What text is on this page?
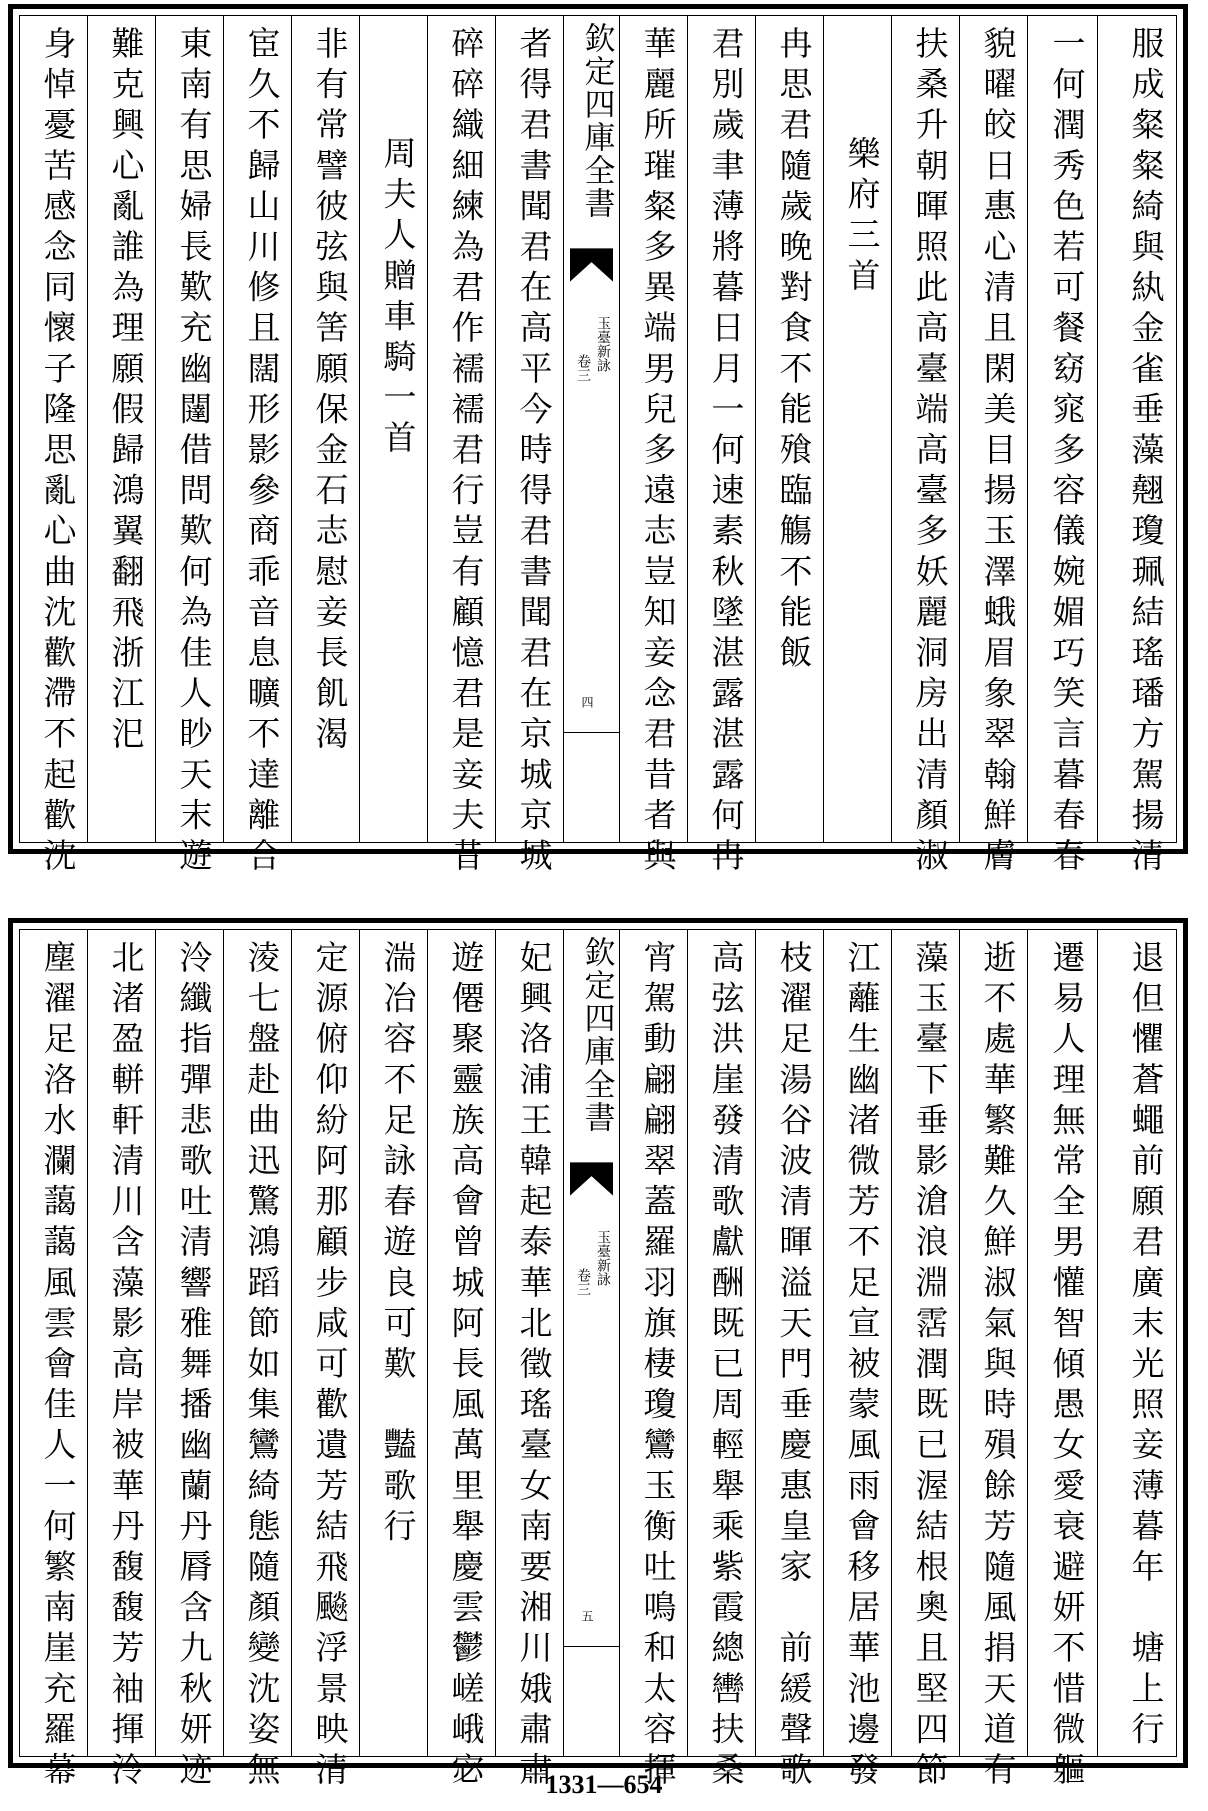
身悼憂苦感念同懷子隆思亂心曲沈歡滯不起歡沈 難克興心亂誰為理願假歸鴻翼翻飛浙江汜 東南有思婦長歎充幽闥借問歎何為佳人眇天末遊 宦久不歸山川修且闊形影參商乖音息曠不達離合 非有常譬彼弦與筈願保金石志慰妾長飢渴 周夫人贈車騎一首 碎碎織細練為君作襦襦君行豈有顧憶君是妾夫昔 者得君書聞君在高平今時得君書聞君在京城京城 欽定四庫全書
玉臺新詠
卷三
四 華麗所璀粲多異端男兒多遠志豈知妾念君昔者與 君別歲聿薄將暮日月一何速素秋墜湛露湛露何冉 冉思君隨歲晚對食不能飱臨觴不能飯 樂府三首 扶桑升朝暉照此高臺端高臺多妖麗洞房出清顏淑 貌曜皎日惠心清且閑美目揚玉澤蛾眉象翠翰鮮膚 一何潤秀色若可餐窈窕多容儀婉媚巧笑言暮春春 服成粲粲綺與紈金雀垂藻翹瓊珮結瑤璠方駕揚清
塵濯足洛水瀾藹藹風雲會佳人一何繁南崖充羅幕 北渚盈軿軒清川含藻影高岸被華丹馥馥芳袖揮泠 泠纖指彈悲歌吐清響雅舞播幽蘭丹脣含九秋妍迹 淩七盤赴曲迅驚鴻蹈節如集鸞綺態隨顏變沈姿無 定源俯仰紛阿那顧步咸可歡遺芳結飛飈浮景映清 湍冶容不足詠春遊良可歎　豔歌行 遊僊聚靈族高會曾城阿長風萬里舉慶雲鬱嵯峨宓 妃興洛浦王韓起泰華北徵瑤臺女南要湘川娥肅肅 欽定四庫全書
玉臺新詠
卷三
五 宵駕動翩翩翠蓋羅羽旗棲瓊鸞玉衡吐鳴和太容揮 高弦洪崖發清歌獻酬既已周輕舉乘紫霞總轡扶桑 枝濯足湯谷波清暉溢天門垂慶惠皇家　前緩聲歌 江蘺生幽渚微芳不足宣被蒙風雨會移居華池邊發 藻玉臺下垂影滄浪淵霑潤既已渥結根奧且堅四節 逝不處華繁難久鮮淑氣與時殞餘芳隨風捐天道有 遷易人理無常全男懽智傾愚女愛衰避妍不惜微軀 退但懼蒼蠅前願君廣末光照妾薄暮年　塘上行
1331—654
